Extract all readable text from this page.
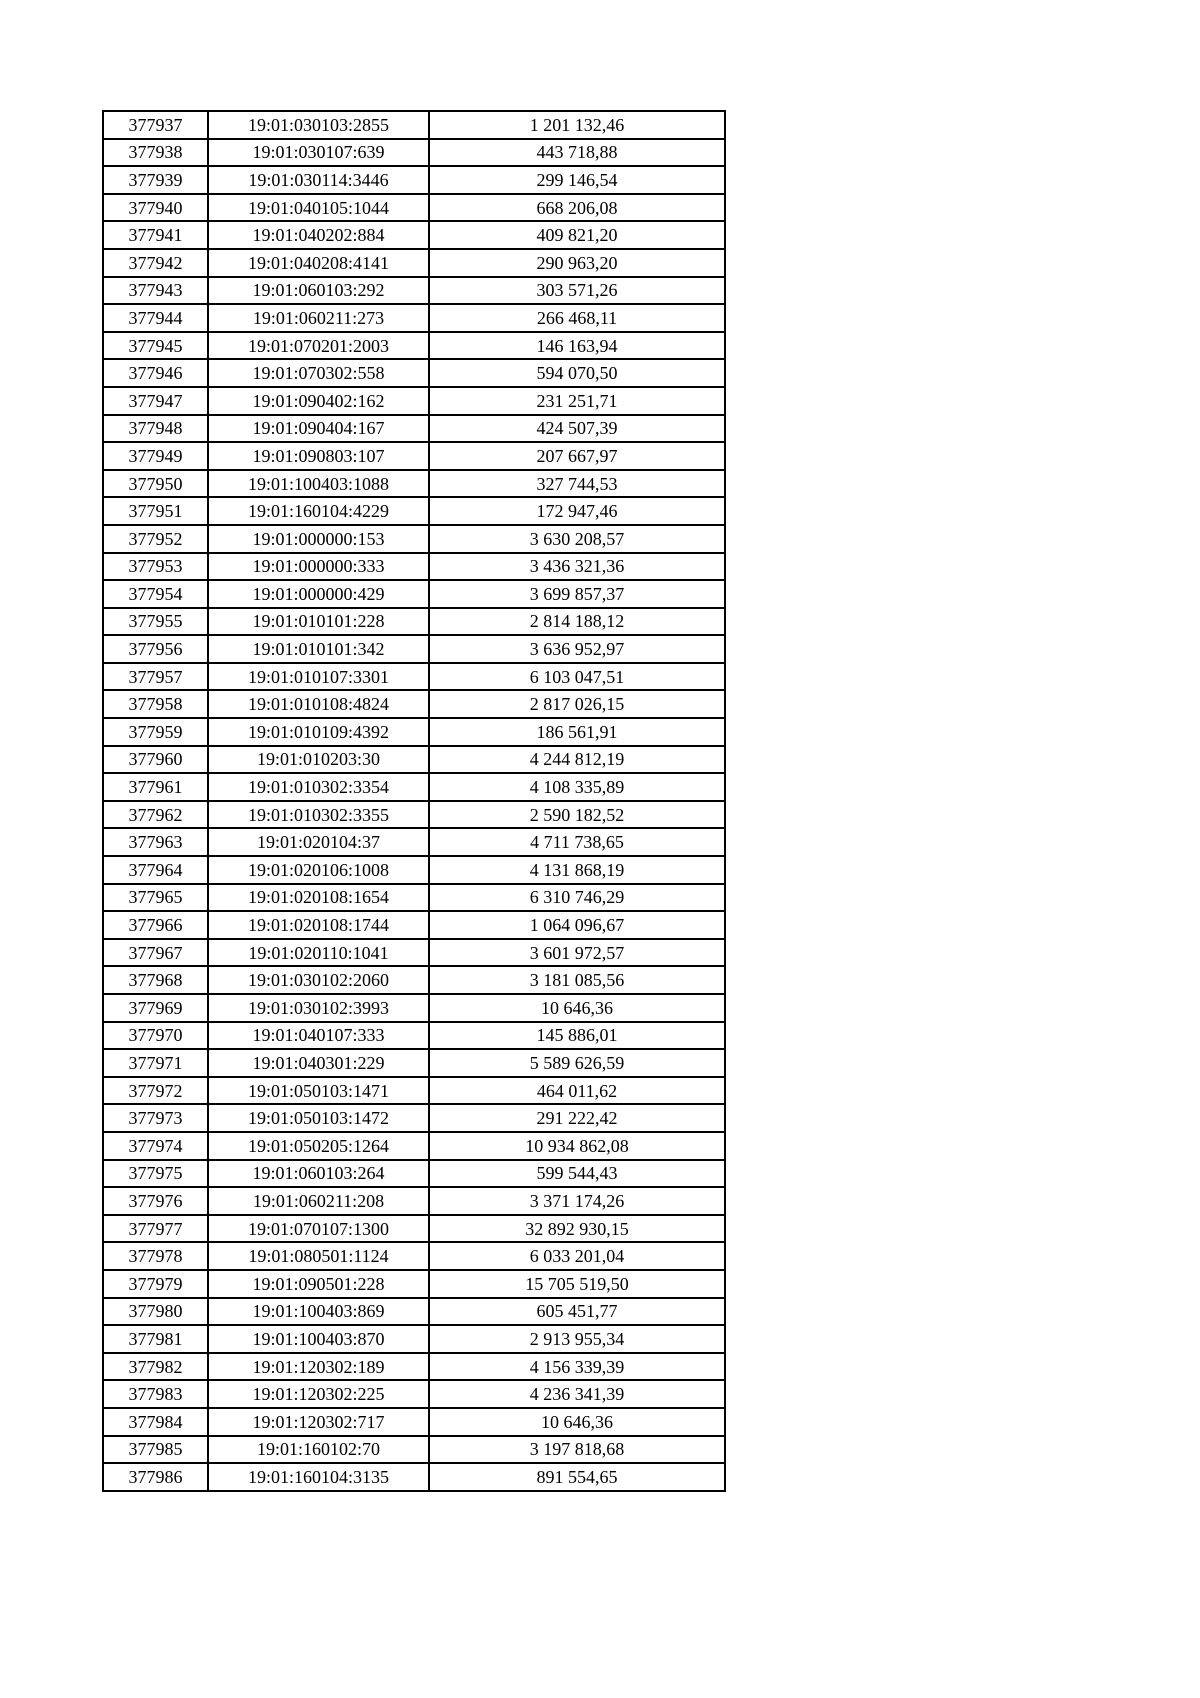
377937	19:01:030103:2855	1 201 132,46
377938	19:01:030107:639	443 718,88
377939	19:01:030114:3446	299 146,54
377940	19:01:040105:1044	668 206,08
377941	19:01:040202:884	409 821,20
377942	19:01:040208:4141	290 963,20
377943	19:01:060103:292	303 571,26
377944	19:01:060211:273	266 468,11
377945	19:01:070201:2003	146 163,94
377946	19:01:070302:558	594 070,50
377947	19:01:090402:162	231 251,71
377948	19:01:090404:167	424 507,39
377949	19:01:090803:107	207 667,97
377950	19:01:100403:1088	327 744,53
377951	19:01:160104:4229	172 947,46
377952	19:01:000000:153	3 630 208,57
377953	19:01:000000:333	3 436 321,36
377954	19:01:000000:429	3 699 857,37
377955	19:01:010101:228	2 814 188,12
377956	19:01:010101:342	3 636 952,97
377957	19:01:010107:3301	6 103 047,51
377958	19:01:010108:4824	2 817 026,15
377959	19:01:010109:4392	186 561,91
377960	19:01:010203:30	4 244 812,19
377961	19:01:010302:3354	4 108 335,89
377962	19:01:010302:3355	2 590 182,52
377963	19:01:020104:37	4 711 738,65
377964	19:01:020106:1008	4 131 868,19
377965	19:01:020108:1654	6 310 746,29
377966	19:01:020108:1744	1 064 096,67
377967	19:01:020110:1041	3 601 972,57
377968	19:01:030102:2060	3 181 085,56
377969	19:01:030102:3993	10 646,36
377970	19:01:040107:333	145 886,01
377971	19:01:040301:229	5 589 626,59
377972	19:01:050103:1471	464 011,62
377973	19:01:050103:1472	291 222,42
377974	19:01:050205:1264	10 934 862,08
377975	19:01:060103:264	599 544,43
377976	19:01:060211:208	3 371 174,26
377977	19:01:070107:1300	32 892 930,15
377978	19:01:080501:1124	6 033 201,04
377979	19:01:090501:228	15 705 519,50
377980	19:01:100403:869	605 451,77
377981	19:01:100403:870	2 913 955,34
377982	19:01:120302:189	4 156 339,39
377983	19:01:120302:225	4 236 341,39
377984	19:01:120302:717	10 646,36
377985	19:01:160102:70	3 197 818,68
377986	19:01:160104:3135	891 554,65
